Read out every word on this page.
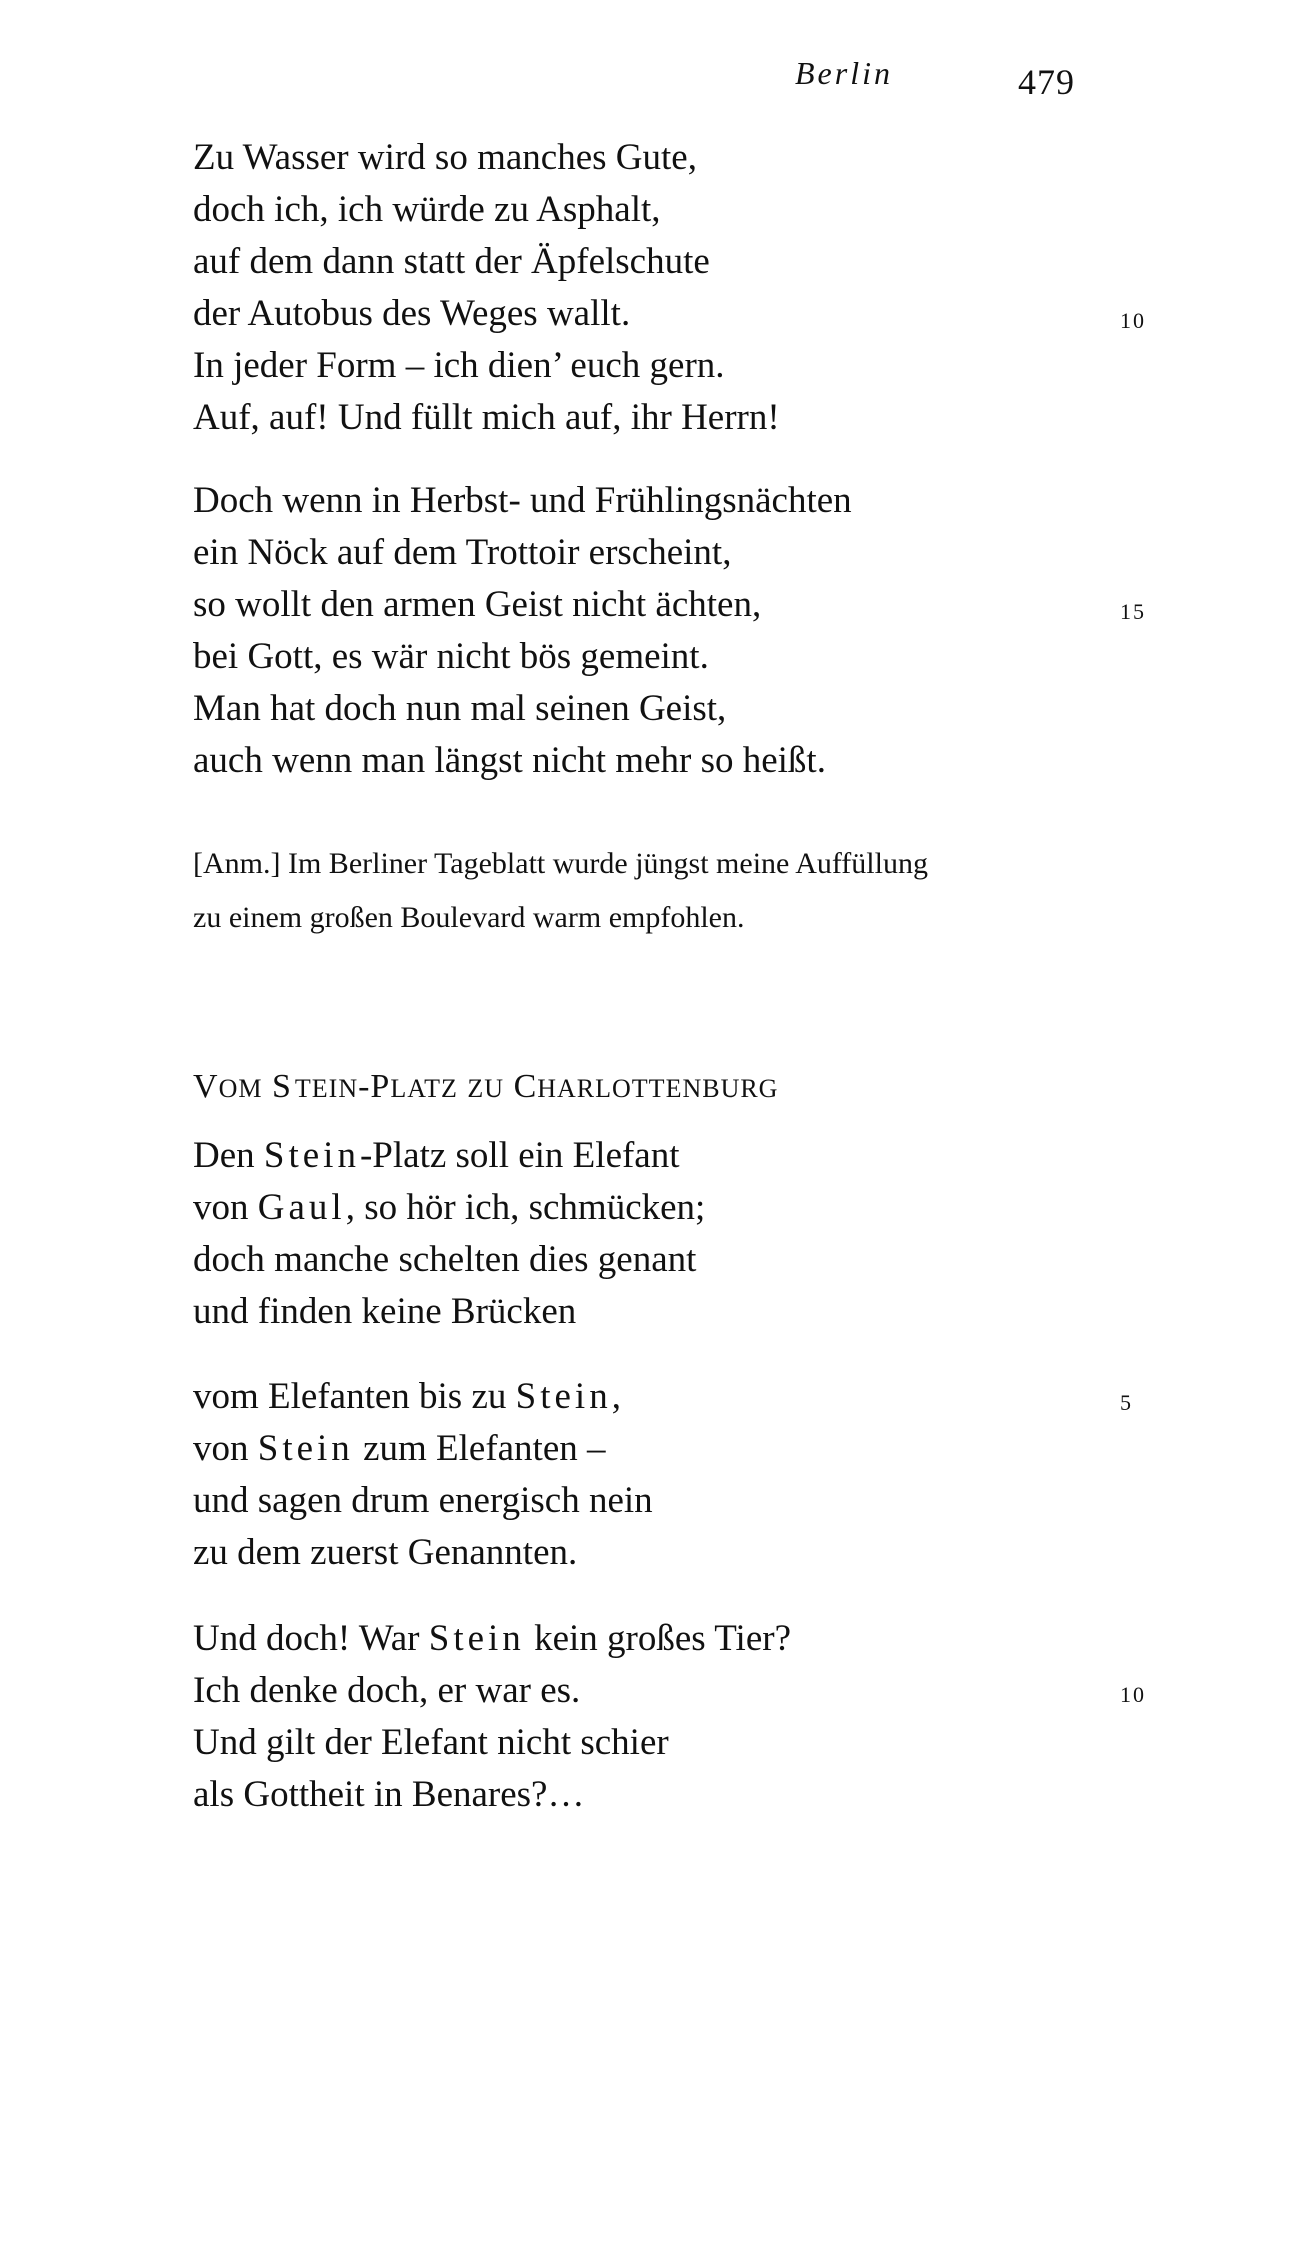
Berlin	479
Zu Wasser wird so manches Gute,
doch ich, ich würde zu Asphalt,
auf dem dann statt der Äpfelschute
der Autobus des Weges wallt.	10
In jeder Form – ich dien’ euch gern.
Auf, auf! Und füllt mich auf, ihr Herrn!
Doch wenn in Herbst- und Frühlingsnächten
ein Nöck auf dem Trottoir erscheint,
so wollt den armen Geist nicht ächten,	15
bei Gott, es wär nicht bös gemeint.
Man hat doch nun mal seinen Geist,
auch wenn man längst nicht mehr so heißt.
[Anm.] Im Berliner Tageblatt wurde jüngst meine Auffüllung
zu einem großen Boulevard warm empfohlen.
VOM STEIN-PLATZ ZU CHARLOTTENBURG
Den Stein-Platz soll ein Elefant
von Gaul, so hör ich, schmücken;
doch manche schelten dies genant
und finden keine Brücken
vom Elefanten bis zu Stein,	5
von Stein zum Elefanten –
und sagen drum energisch nein
zu dem zuerst Genannten.
Und doch! War Stein kein großes Tier?
Ich denke doch, er war es.	10
Und gilt der Elefant nicht schier
als Gottheit in Benares?…
